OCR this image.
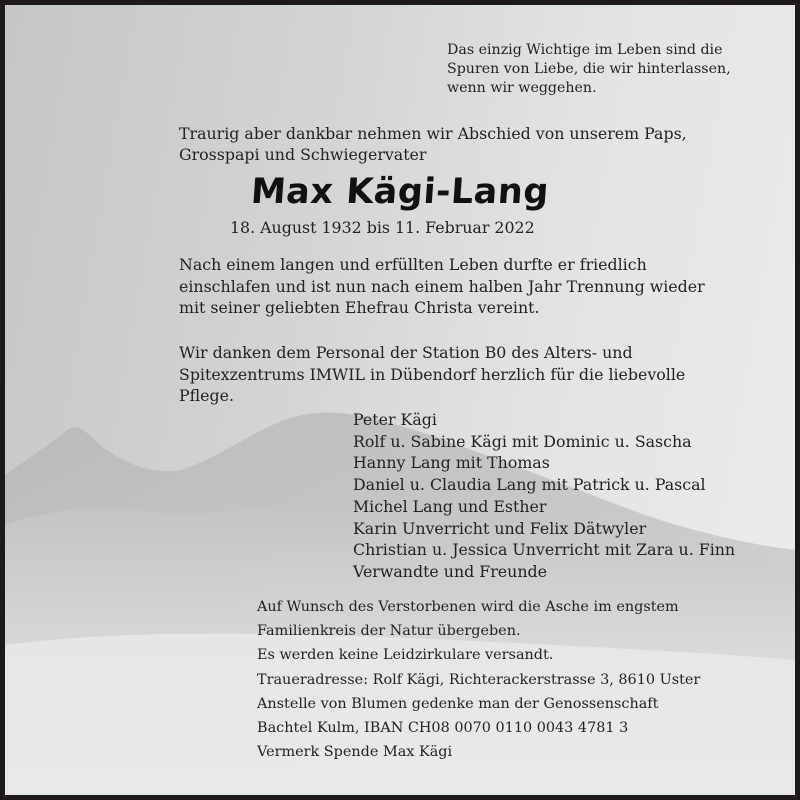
Das einzig Wichtige im Leben sind die
Spuren von Liebe, die wir hinterlassen,
wenn wir weggehen.
Traurig aber dankbar nehmen wir Abschied von unserem Paps,
Grosspapi und Schwiegervater
Max Kägi-Lang
18. August 1932 bis 11. Februar 2022
Nach einem langen und erfüllten Leben durfte er friedlich
einschlafen und ist nun nach einem halben Jahr Trennung wieder
mit seiner geliebten Ehefrau Christa vereint.
Wir danken dem Personal der Station B0 des Alters- und
Spitexzentrums IMWIL in Dübendorf herzlich für die liebevolle
Pflege.
Peter Kägi
Rolf u. Sabine Kägi mit Dominic u. Sascha
Hanny Lang mit Thomas
Daniel u. Claudia Lang mit Patrick u. Pascal
Michel Lang und Esther
Karin Unverricht und Felix Dätwyler
Christian u. Jessica Unverricht mit Zara u. Finn
Verwandte und Freunde
Auf Wunsch des Verstorbenen wird die Asche im engstem
Familienkreis der Natur übergeben.
Es werden keine Leidzirkulare versandt.
Traueradresse: Rolf Kägi, Richterackerstrasse 3, 8610 Uster
Anstelle von Blumen gedenke man der Genossenschaft
Bachtel Kulm, IBAN CH08 0070 0110 0043 4781 3
Vermerk Spende Max Kägi
